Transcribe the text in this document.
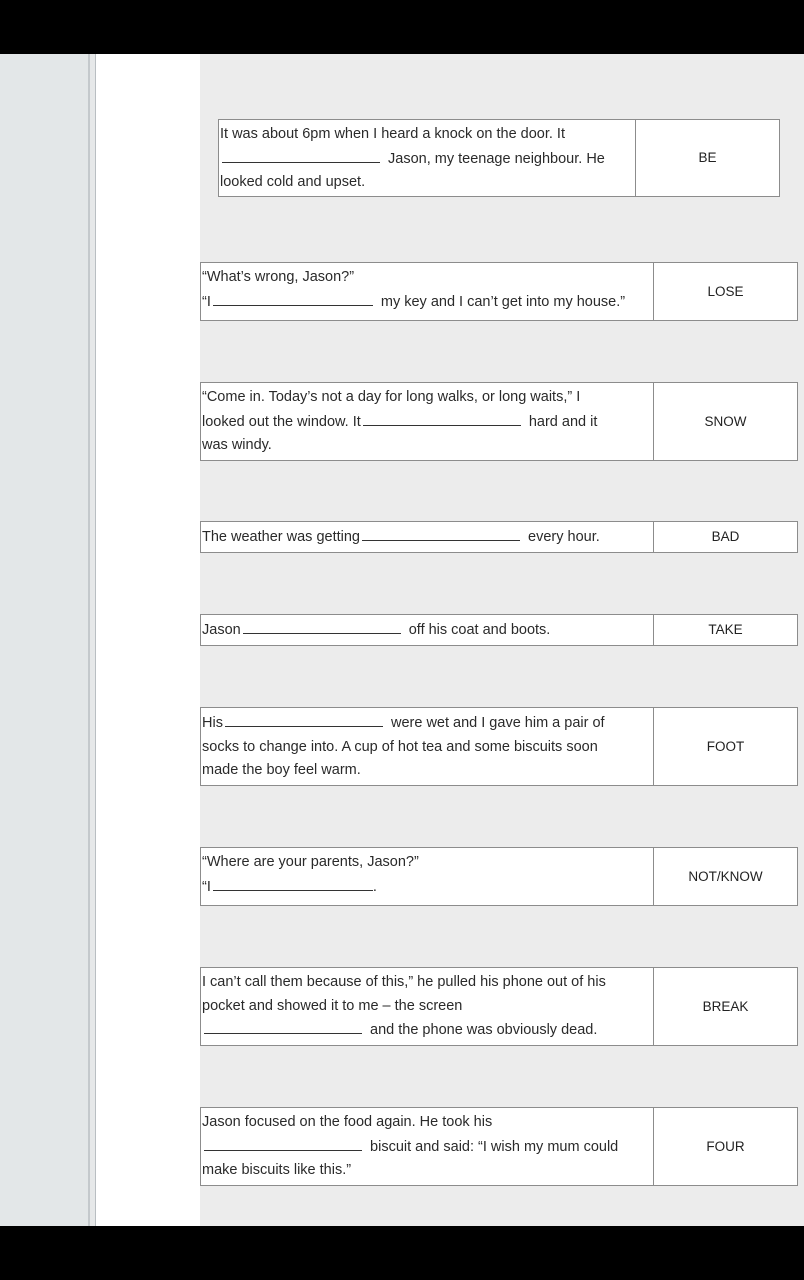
It was about 6pm when I heard a knock on the door. It
Jason, my teenage neighbour. He
looked cold and upset.
BE
“What’s wrong, Jason?”
“I	my key and I can’t get into my house.”
LOSE
“Come in. Today’s not a day for long walks, or long waits,” I
looked out the window. It	hard and it
was windy.
SNOW
The weather was getting	every hour.	BAD
Jason	off his coat and boots.	TAKE
His	were wet and I gave him a pair of
socks to change into. A cup of hot tea and some biscuits soon
made the boy feel warm.
FOOT
“Where are your parents, Jason?”
“I	.
NOT/KNOW
I can’t call them because of this,” he pulled his phone out of his
pocket and showed it to me – the screen
and the phone was obviously dead.
BREAK
Jason focused on the food again. He took his
biscuit and said: “I wish my mum could
make biscuits like this.”
FOUR
